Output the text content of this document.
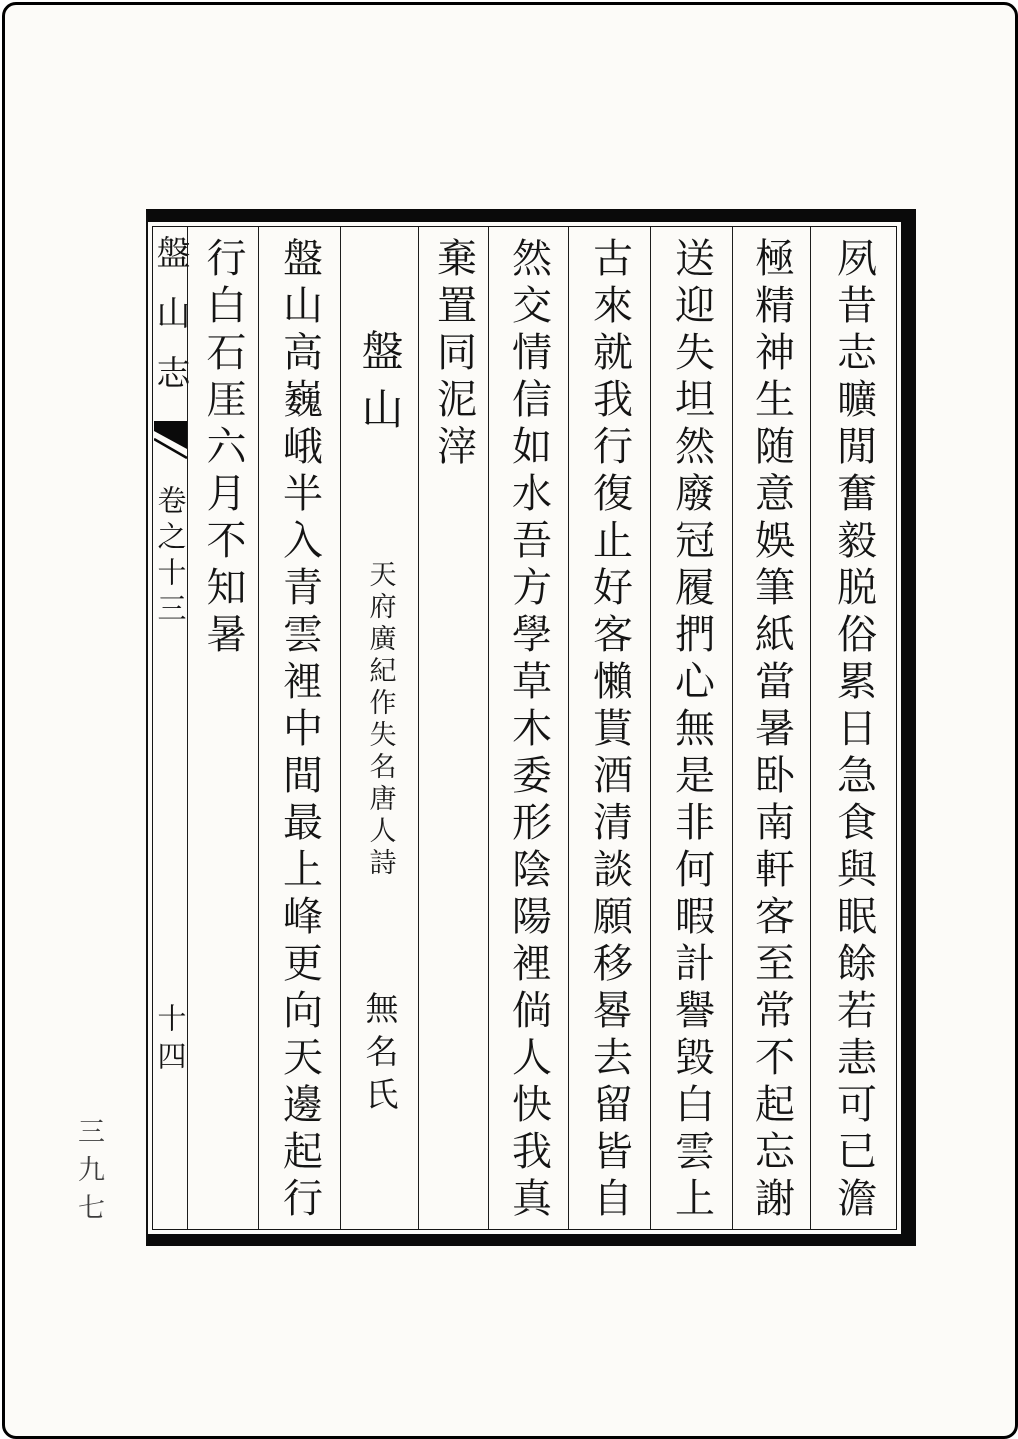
盤山志
卷之十三
十四
行白石厓六月不知暑 盤山高巍峨半入青雲裡中間最上峰更向天邊起行 盤山 天府廣紀作失名唐人詩 無名氏
棄置同泥滓 然交情信如水吾方學草木委形陰陽裡倘人快我真 古來就我行復止好客懶貰酒清談願移晷去留皆自 送迎失坦然廢冠履捫心無是非何暇計譽毀白雲上 極精神生随意娛筆紙當暑卧南軒客至常不起忘謝 夙昔志曠閒奮毅脱俗累日急食與眠餘若恚可已澹
三九七
